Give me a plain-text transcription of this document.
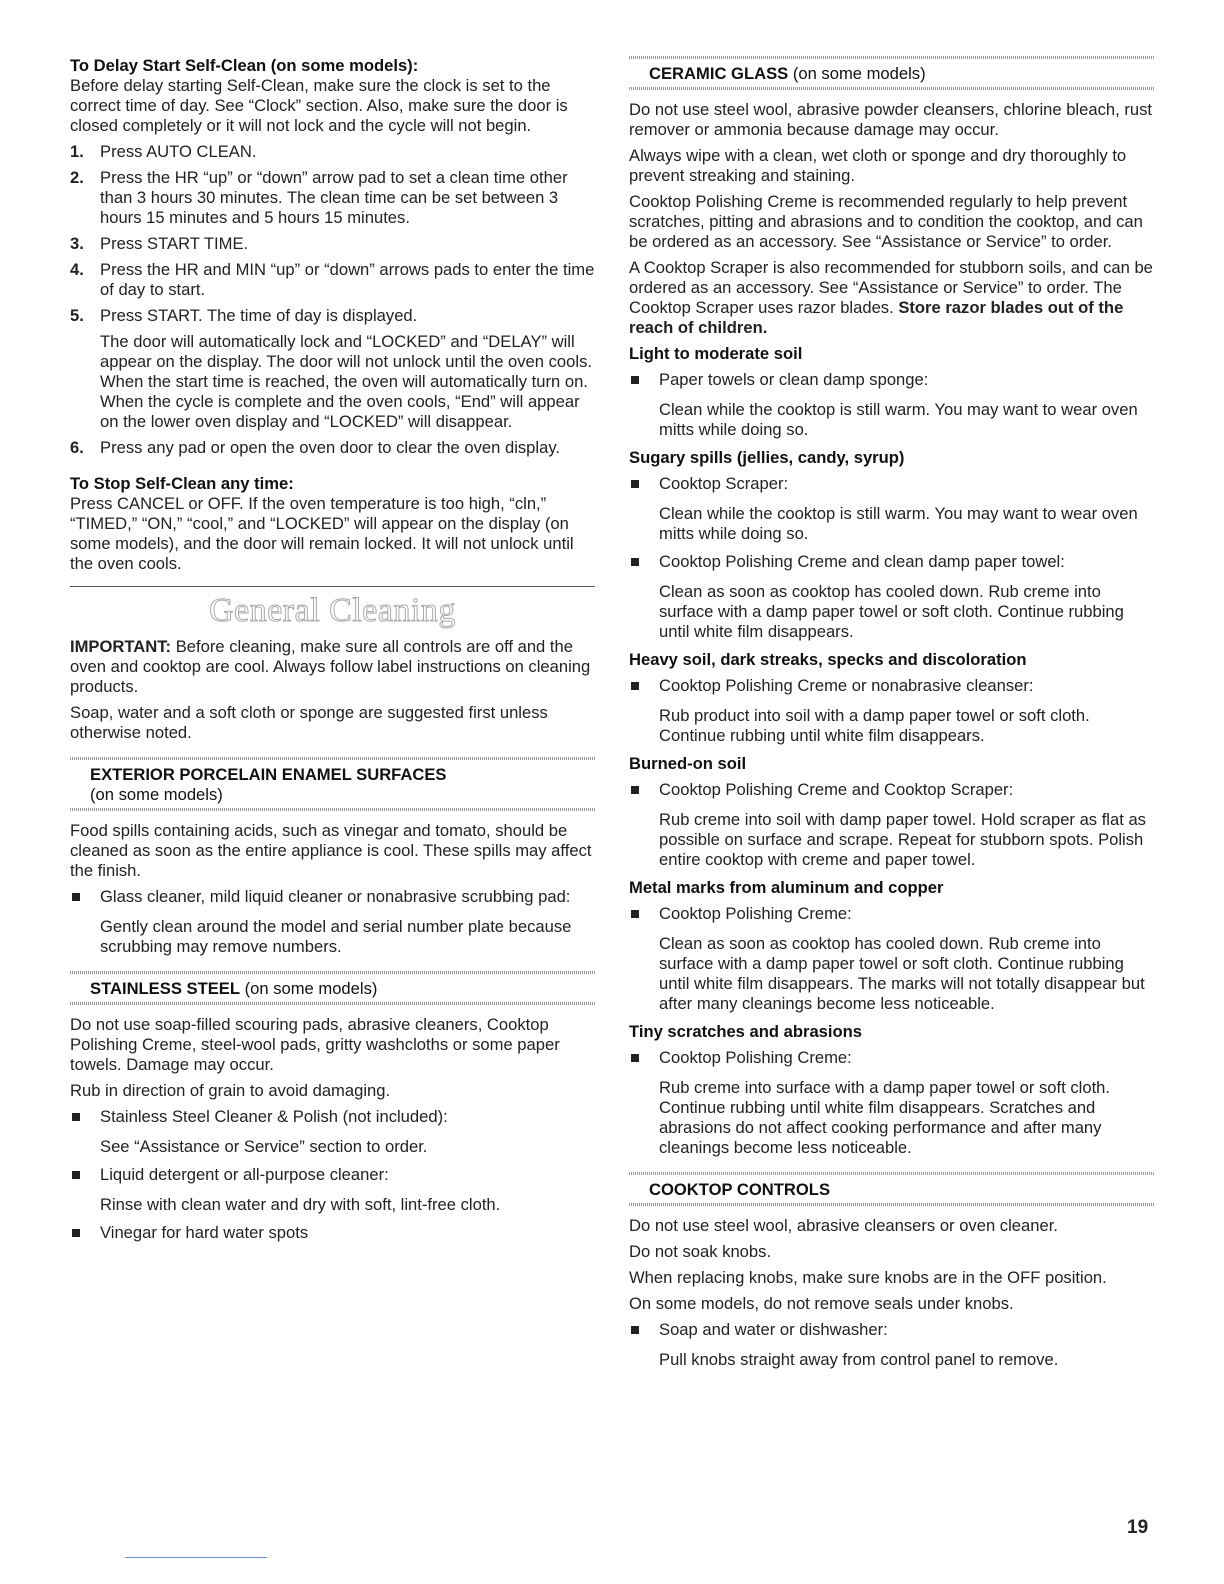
To Delay Start Self-Clean (on some models):

Before delay starting Self-Clean, make sure the clock is set to the correct time of day. See “Clock” section. Also, make sure the door is closed completely or it will not lock and the cycle will not begin.

1. Press AUTO CLEAN.
2. Press the HR “up” or “down” arrow pad to set a clean time other than 3 hours 30 minutes. The clean time can be set between 3 hours 15 minutes and 5 hours 15 minutes.
3. Press START TIME.
4. Press the HR and MIN “up” or “down” arrows pads to enter the time of day to start.
5. Press START. The time of day is displayed.

The door will automatically lock and “LOCKED” and “DELAY” will appear on the display. The door will not unlock until the oven cools. When the start time is reached, the oven will automatically turn on. When the cycle is complete and the oven cools, “End” will appear on the lower oven display and “LOCKED” will disappear.

6. Press any pad or open the oven door to clear the oven display.
To Stop Self-Clean any time:

Press CANCEL or OFF. If the oven temperature is too high, “cln,” “TIMED,” “ON,” “cool,” and “LOCKED” will appear on the display (on some models), and the door will remain locked. It will not unlock until the oven cools.

General Cleaning

IMPORTANT: Before cleaning, make sure all controls are off and the oven and cooktop are cool. Always follow label instructions on cleaning products.

Soap, water and a soft cloth or sponge are suggested first unless otherwise noted.

EXTERIOR PORCELAIN ENAMEL SURFACES
(on some models)

Food spills containing acids, such as vinegar and tomato, should be cleaned as soon as the entire appliance is cool. These spills may affect the finish.

Glass cleaner, mild liquid cleaner or nonabrasive scrubbing pad:

Gently clean around the model and serial number plate because scrubbing may remove numbers.

STAINLESS STEEL (on some models)

Do not use soap-filled scouring pads, abrasive cleaners, Cooktop Polishing Creme, steel-wool pads, gritty washcloths or some paper towels. Damage may occur.

Rub in direction of grain to avoid damaging.

Stainless Steel Cleaner & Polish (not included):

See “Assistance or Service” section to order.

Liquid detergent or all-purpose cleaner:

Rinse with clean water and dry with soft, lint-free cloth.

Vinegar for hard water spots
CERAMIC GLASS (on some models)

Do not use steel wool, abrasive powder cleansers, chlorine bleach, rust remover or ammonia because damage may occur.

Always wipe with a clean, wet cloth or sponge and dry thoroughly to prevent streaking and staining.

Cooktop Polishing Creme is recommended regularly to help prevent scratches, pitting and abrasions and to condition the cooktop, and can be ordered as an accessory. See “Assistance or Service” to order.

A Cooktop Scraper is also recommended for stubborn soils, and can be ordered as an accessory. See “Assistance or Service” to order. The Cooktop Scraper uses razor blades. Store razor blades out of the reach of children.

Light to moderate soil
Paper towels or clean damp sponge:

Clean while the cooktop is still warm. You may want to wear oven mitts while doing so.

Sugary spills (jellies, candy, syrup)
Cooktop Scraper:

Clean while the cooktop is still warm. You may want to wear oven mitts while doing so.

Cooktop Polishing Creme and clean damp paper towel:

Clean as soon as cooktop has cooled down. Rub creme into surface with a damp paper towel or soft cloth. Continue rubbing until white film disappears.

Heavy soil, dark streaks, specks and discoloration
Cooktop Polishing Creme or nonabrasive cleanser:

Rub product into soil with a damp paper towel or soft cloth. Continue rubbing until white film disappears.

Burned-on soil
Cooktop Polishing Creme and Cooktop Scraper:

Rub creme into soil with damp paper towel. Hold scraper as flat as possible on surface and scrape. Repeat for stubborn spots. Polish entire cooktop with creme and paper towel.

Metal marks from aluminum and copper
Cooktop Polishing Creme:

Clean as soon as cooktop has cooled down. Rub creme into surface with a damp paper towel or soft cloth. Continue rubbing until white film disappears. The marks will not totally disappear but after many cleanings become less noticeable.

Tiny scratches and abrasions
Cooktop Polishing Creme:

Rub creme into surface with a damp paper towel or soft cloth. Continue rubbing until white film disappears. Scratches and abrasions do not affect cooking performance and after many cleanings become less noticeable.

COOKTOP CONTROLS

Do not use steel wool, abrasive cleansers or oven cleaner.

Do not soak knobs.

When replacing knobs, make sure knobs are in the OFF position.

On some models, do not remove seals under knobs.

Soap and water or dishwasher:

Pull knobs straight away from control panel to remove.

19
